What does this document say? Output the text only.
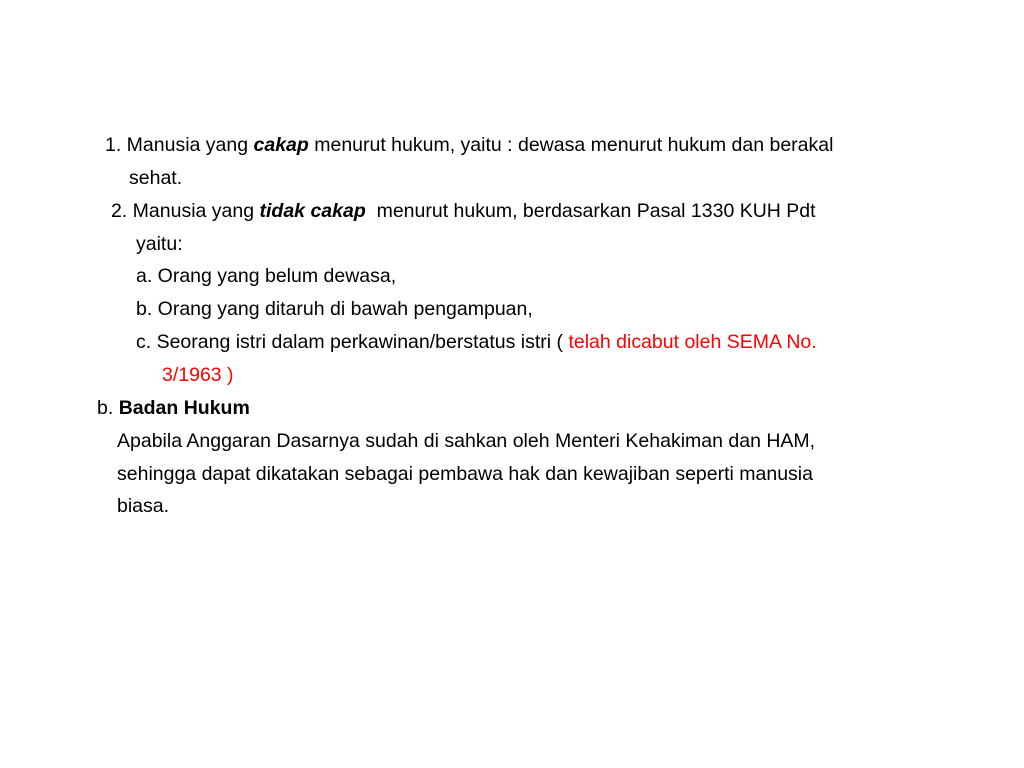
1. Manusia yang cakap menurut hukum, yaitu : dewasa menurut hukum dan berakal
sehat.
2. Manusia yang tidak cakap  menurut hukum, berdasarkan Pasal 1330 KUH Pdt
yaitu:
a. Orang yang belum dewasa,
b. Orang yang ditaruh di bawah pengampuan,
c. Seorang istri dalam perkawinan/berstatus istri ( telah dicabut oleh SEMA No.
3/1963 )
b. Badan Hukum
Apabila Anggaran Dasarnya sudah di sahkan oleh Menteri Kehakiman dan HAM,
sehingga dapat dikatakan sebagai pembawa hak dan kewajiban seperti manusia
biasa.
